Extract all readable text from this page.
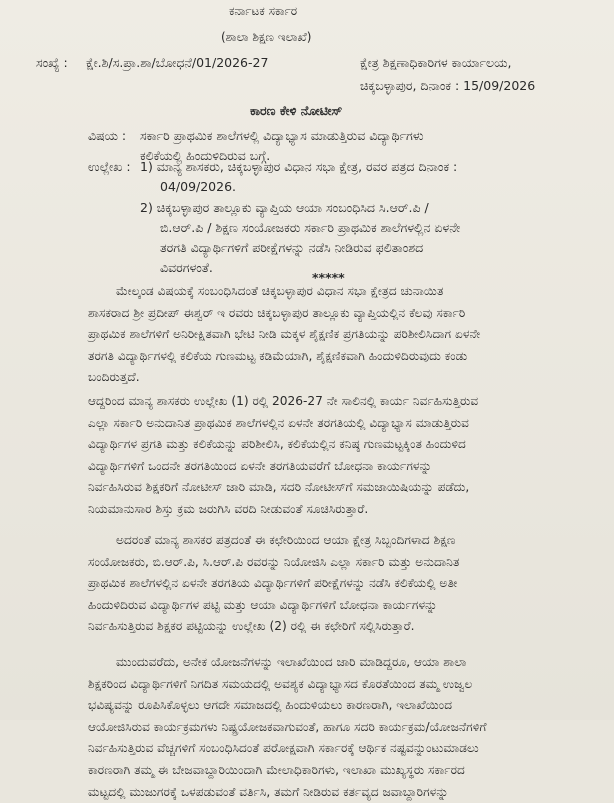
ಕರ್ನಾಟಕ ಸರ್ಕಾರ
(ಶಾಲಾ ಶಿಕ್ಷಣ ಇಲಾಖೆ)
ಸಂಖ್ಯೆ : ಕ್ಷೇ.ಶಿ/ಸ.ಪ್ರಾ.ಶಾ/ಬೋಧನೆ/01/2026-27	ಕ್ಷೇತ್ರ ಶಿಕ್ಷಣಾಧಿಕಾರಿಗಳ ಕಾರ್ಯಾಲಯ,
ಚಿಕ್ಕಬಳ್ಳಾಪುರ, ದಿನಾಂಕ : 15/09/2026
ಕಾರಣ ಕೇಳಿ ನೋಟೀಸ್
ವಿಷಯ : ಸರ್ಕಾರಿ ಪ್ರಾಥಮಿಕ ಶಾಲೆಗಳಲ್ಲಿ ವಿದ್ಯಾಭ್ಯಾಸ ಮಾಡುತ್ತಿರುವ ವಿದ್ಯಾರ್ಥಿಗಳು
ಕಲಿಕೆಯಲ್ಲಿ ಹಿಂದುಳಿದಿರುವ ಬಗ್ಗೆ.
ಉಲ್ಲೇಖ : 1) ಮಾನ್ಯ ಶಾಸಕರು, ಚಿಕ್ಕಬಳ್ಳಾಪುರ ವಿಧಾನ ಸಭಾ ಕ್ಷೇತ್ರ, ರವರ ಪತ್ರದ ದಿನಾಂಕ :
04/09/2026.
2) ಚಿಕ್ಕಬಳ್ಳಾಪುರ ತಾಲ್ಲೂಕು ವ್ಯಾಪ್ತಿಯ ಆಯಾ ಸಂಬಂಧಿಸಿದ ಸಿ.ಆರ್.ಪಿ /
ಬಿ.ಆರ್.ಪಿ / ಶಿಕ್ಷಣ ಸಂಯೋಜಕರು ಸರ್ಕಾರಿ ಪ್ರಾಥಮಿಕ ಶಾಲೆಗಳಲ್ಲಿನ ಏಳನೇ
ತರಗತಿ ವಿದ್ಯಾರ್ಥಿಗಳಿಗೆ ಪರೀಕ್ಷೆಗಳನ್ನು ನಡೆಸಿ ನೀಡಿರುವ ಫಲಿತಾಂಶದ
ವಿವರಗಳಂತೆ.
*****
ಮೇಲ್ಕಂಡ ವಿಷಯಕ್ಕೆ ಸಂಬಂಧಿಸಿದಂತೆ ಚಿಕ್ಕಬಳ್ಳಾಪುರ ವಿಧಾನ ಸಭಾ ಕ್ಷೇತ್ರದ ಚುನಾಯಿತ
ಶಾಸಕರಾದ ಶ್ರೀ ಪ್ರದೀಪ್ ಈಶ್ವರ್ ಇ ರವರು ಚಿಕ್ಕಬಳ್ಳಾಪುರ ತಾಲ್ಲೂಕು ವ್ಯಾಪ್ತಿಯಲ್ಲಿನ ಕೆಲವು ಸರ್ಕಾರಿ
ಪ್ರಾಥಮಿಕ ಶಾಲೆಗಳಿಗೆ ಅನಿರೀಕ್ಷಿತವಾಗಿ ಭೇಟಿ ನೀಡಿ ಮಕ್ಕಳ ಶೈಕ್ಷಣಿಕ ಪ್ರಗತಿಯನ್ನು ಪರಿಶೀಲಿಸಿದಾಗ ಏಳನೇ
ತರಗತಿ ವಿದ್ಯಾರ್ಥಿಗಳಲ್ಲಿ ಕಲಿಕೆಯ ಗುಣಮಟ್ಟ ಕಡಿಮೆಯಾಗಿ, ಶೈಕ್ಷಣಿಕವಾಗಿ ಹಿಂದುಳಿದಿರುವುದು ಕಂಡು
ಬಂದಿರುತ್ತದೆ.
ಆದ್ದರಿಂದ ಮಾನ್ಯ ಶಾಸಕರು ಉಲ್ಲೇಖ (1) ರಲ್ಲಿ 2026-27 ನೇ ಸಾಲಿನಲ್ಲಿ ಕಾರ್ಯ ನಿರ್ವಹಿಸುತ್ತಿರುವ
ಎಲ್ಲಾ ಸರ್ಕಾರಿ ಅನುದಾನಿತ ಪ್ರಾಥಮಿಕ ಶಾಲೆಗಳಲ್ಲಿನ ಏಳನೇ ತರಗತಿಯಲ್ಲಿ ವಿದ್ಯಾಭ್ಯಾಸ ಮಾಡುತ್ತಿರುವ
ವಿದ್ಯಾರ್ಥಿಗಳ ಪ್ರಗತಿ ಮತ್ತು ಕಲಿಕೆಯನ್ನು ಪರಿಶೀಲಿಸಿ, ಕಲಿಕೆಯಲ್ಲಿನ ಕನಿಷ್ಠ ಗುಣಮಟ್ಟಕ್ಕಿಂತ ಹಿಂದುಳಿದ
ವಿದ್ಯಾರ್ಥಿಗಳಿಗೆ ಒಂದನೇ ತರಗತಿಯಿಂದ ಏಳನೇ ತರಗತಿಯವರೆಗೆ ಬೋಧನಾ ಕಾರ್ಯಗಳನ್ನು
ನಿರ್ವಹಿಸಿರುವ ಶಿಕ್ಷಕರಿಗೆ ನೋಟೀಸ್ ಜಾರಿ ಮಾಡಿ, ಸದರಿ ನೋಟೀಸ್‌ಗೆ ಸಮಜಾಯಿಷಿಯನ್ನು ಪಡೆದು,
ನಿಯಮಾನುಸಾರ ಶಿಸ್ತು ಕ್ರಮ ಜರುಗಿಸಿ ವರದಿ ನೀಡುವಂತೆ ಸೂಚಿಸಿರುತ್ತಾರೆ.
ಅದರಂತೆ ಮಾನ್ಯ ಶಾಸಕರ ಪತ್ರದಂತೆ ಈ ಕಛೇರಿಯಿಂದ ಆಯಾ ಕ್ಷೇತ್ರ ಸಿಬ್ಬಂದಿಗಳಾದ ಶಿಕ್ಷಣ
ಸಂಯೋಜಕರು, ಬಿ.ಆರ್.ಪಿ, ಸಿ.ಆರ್.ಪಿ ರವರನ್ನು ನಿಯೋಜಿಸಿ ಎಲ್ಲಾ ಸರ್ಕಾರಿ ಮತ್ತು ಅನುದಾನಿತ
ಪ್ರಾಥಮಿಕ ಶಾಲೆಗಳಲ್ಲಿನ ಏಳನೇ ತರಗತಿಯ ವಿದ್ಯಾರ್ಥಿಗಳಿಗೆ ಪರೀಕ್ಷೆಗಳನ್ನು ನಡೆಸಿ ಕಲಿಕೆಯಲ್ಲಿ ಅತೀ
ಹಿಂದುಳಿದಿರುವ ವಿದ್ಯಾರ್ಥಿಗಳ ಪಟ್ಟಿ ಮತ್ತು ಆಯಾ ವಿದ್ಯಾರ್ಥಿಗಳಿಗೆ ಬೋಧನಾ ಕಾರ್ಯಗಳನ್ನು
ನಿರ್ವಹಿಸುತ್ತಿರುವ ಶಿಕ್ಷಕರ ಪಟ್ಟಿಯನ್ನು ಉಲ್ಲೇಖ (2) ರಲ್ಲಿ ಈ ಕಛೇರಿಗೆ ಸಲ್ಲಿಸಿರುತ್ತಾರೆ.
ಮುಂದುವರೆದು, ಅನೇಕ ಯೋಜನೆಗಳನ್ನು ಇಲಾಖೆಯಿಂದ ಜಾರಿ ಮಾಡಿದ್ದರೂ, ಆಯಾ ಶಾಲಾ
ಶಿಕ್ಷಕರಿಂದ ವಿದ್ಯಾರ್ಥಿಗಳಿಗೆ ನಿಗದಿತ ಸಮಯದಲ್ಲಿ ಅವಶ್ಯಕ ವಿದ್ಯಾಭ್ಯಾಸದ ಕೊರತೆಯಿಂದ ತಮ್ಮ ಉಜ್ವಲ
ಭವಿಷ್ಯವನ್ನು ರೂಪಿಸಿಕೊಳ್ಳಲು ಆಗದೇ ಸಮಾಜದಲ್ಲಿ ಹಿಂದುಳಿಯಲು ಕಾರಣರಾಗಿ, ಇಲಾಖೆಯಿಂದ
ಆಯೋಜಿಸಿರುವ ಕಾರ್ಯಕ್ರಮಗಳು ನಿಷ್ಪ್ರಯೋಜಕವಾಗುವಂತೆ, ಹಾಗೂ ಸದರಿ ಕಾರ್ಯಕ್ರಮ/ಯೋಜನೆಗಳಿಗೆ
ನಿರ್ವಹಿಸುತ್ತಿರುವ ವೆಚ್ಚಗಳಿಗೆ ಸಂಬಂಧಿಸಿದಂತೆ ಪರೋಕ್ಷವಾಗಿ ಸರ್ಕಾರಕ್ಕೆ ಆರ್ಥಿಕ ನಷ್ಟವನ್ನುಂಟುಮಾಡಲು
ಕಾರಣರಾಗಿ ತಮ್ಮ ಈ ಬೇಜವಾಬ್ದಾರಿಯಿಂದಾಗಿ ಮೇಲಾಧಿಕಾರಿಗಳು, ಇಲಾಖಾ ಮುಖ್ಯಸ್ಥರು ಸರ್ಕಾರದ
ಮಟ್ಟದಲ್ಲಿ ಮುಜುಗರಕ್ಕೆ ಒಳಪಡುವಂತೆ ವರ್ತಿಸಿ, ತಮಗೆ ನೀಡಿರುವ ಕರ್ತವ್ಯದ ಜವಾಬ್ದಾರಿಗಳನ್ನು
